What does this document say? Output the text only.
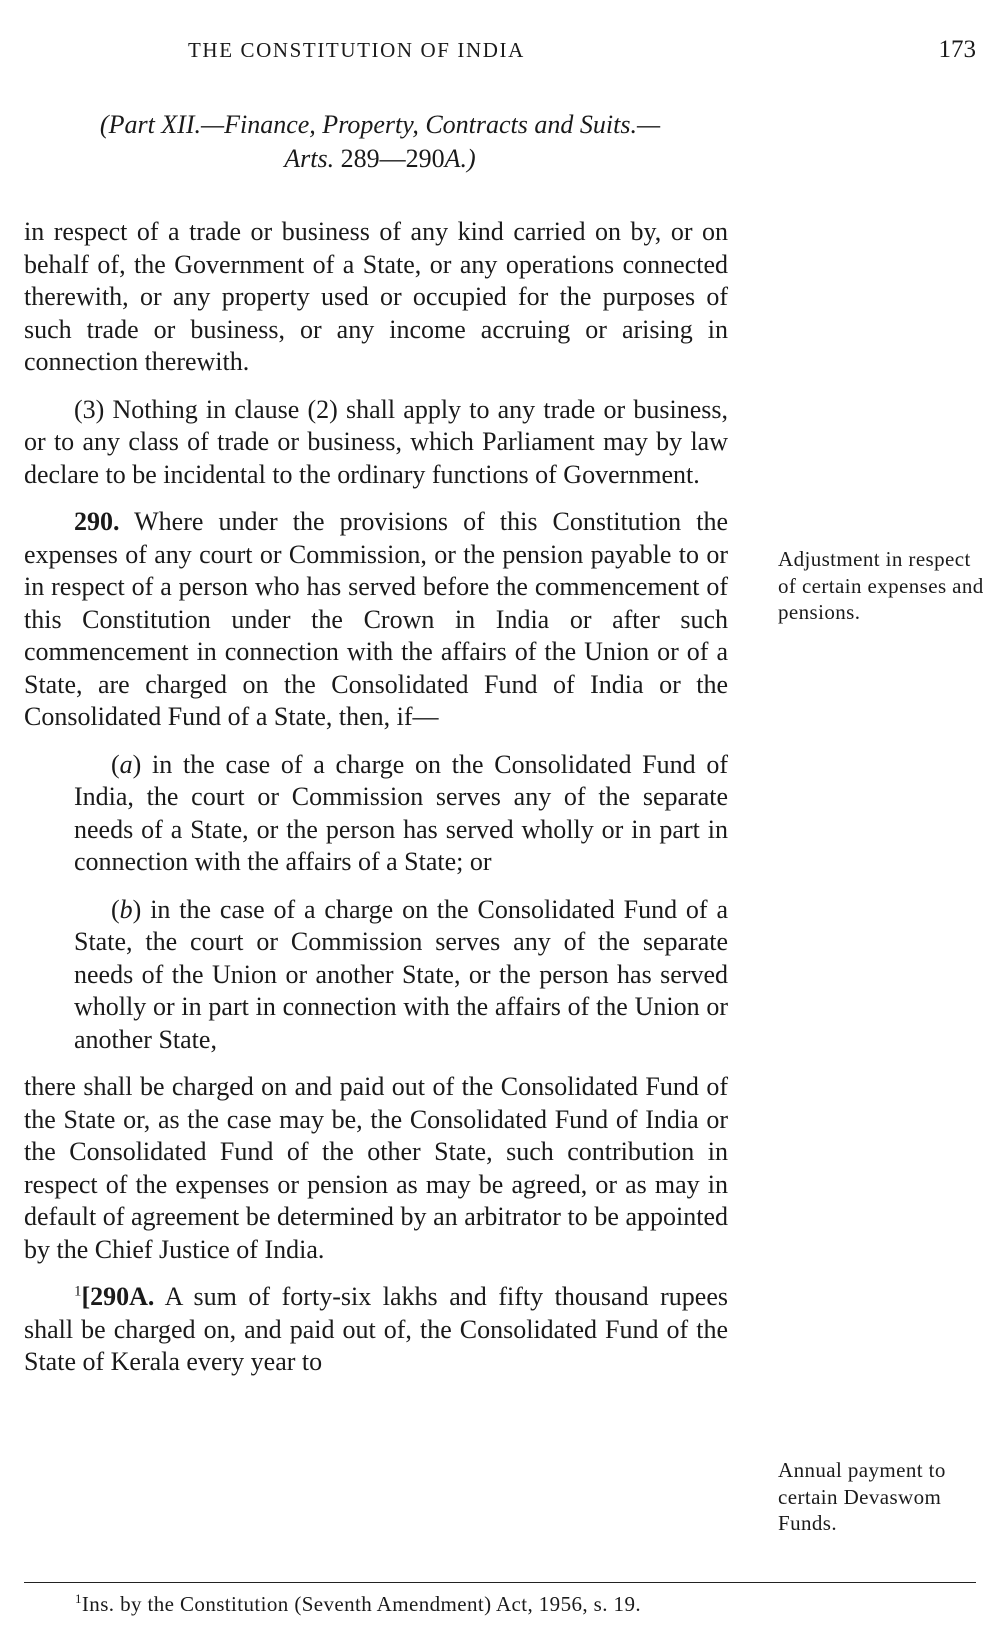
THE CONSTITUTION OF INDIA	173
(Part XII.—Finance, Property, Contracts and Suits.—
Arts. 289—290A.)

in respect of a trade or business of any kind carried on by, or on behalf of, the Government of a State, or any operations connected therewith, or any property used or occupied for the purposes of such trade or business, or any income accruing or arising in connection therewith.

(3) Nothing in clause (2) shall apply to any trade or business, or to any class of trade or business, which Parliament may by law declare to be incidental to the ordinary functions of Government.

290. Where under the provisions of this Constitution the expenses of any court or Commission, or the pension payable to or in respect of a person who has served before the commencement of this Constitution under the Crown in India or after such commencement in connection with the affairs of the Union or of a State, are charged on the Consolidated Fund of India or the Consolidated Fund of a State, then, if—

(a) in the case of a charge on the Consolidated Fund of India, the court or Commission serves any of the separate needs of a State, or the person has served wholly or in part in connection with the affairs of a State; or

(b) in the case of a charge on the Consolidated Fund of a State, the court or Commission serves any of the separate needs of the Union or another State, or the person has served wholly or in part in connection with the affairs of the Union or another State,

there shall be charged on and paid out of the Consolidated Fund of the State or, as the case may be, the Consolidated Fund of India or the Consolidated Fund of the other State, such contribution in respect of the expenses or pension as may be agreed, or as may in default of agreement be determined by an arbitrator to be appointed by the Chief Justice of India.

$^1$[290A. A sum of forty-six lakhs and fifty thousand rupees shall be charged on, and paid out of, the Consolidated Fund of the State of Kerala every year to

Adjustment in respect of certain expenses and pensions.
Annual payment to certain Devaswom Funds.
$^1$Ins. by the Constitution (Seventh Amendment) Act, 1956, s. 19.
